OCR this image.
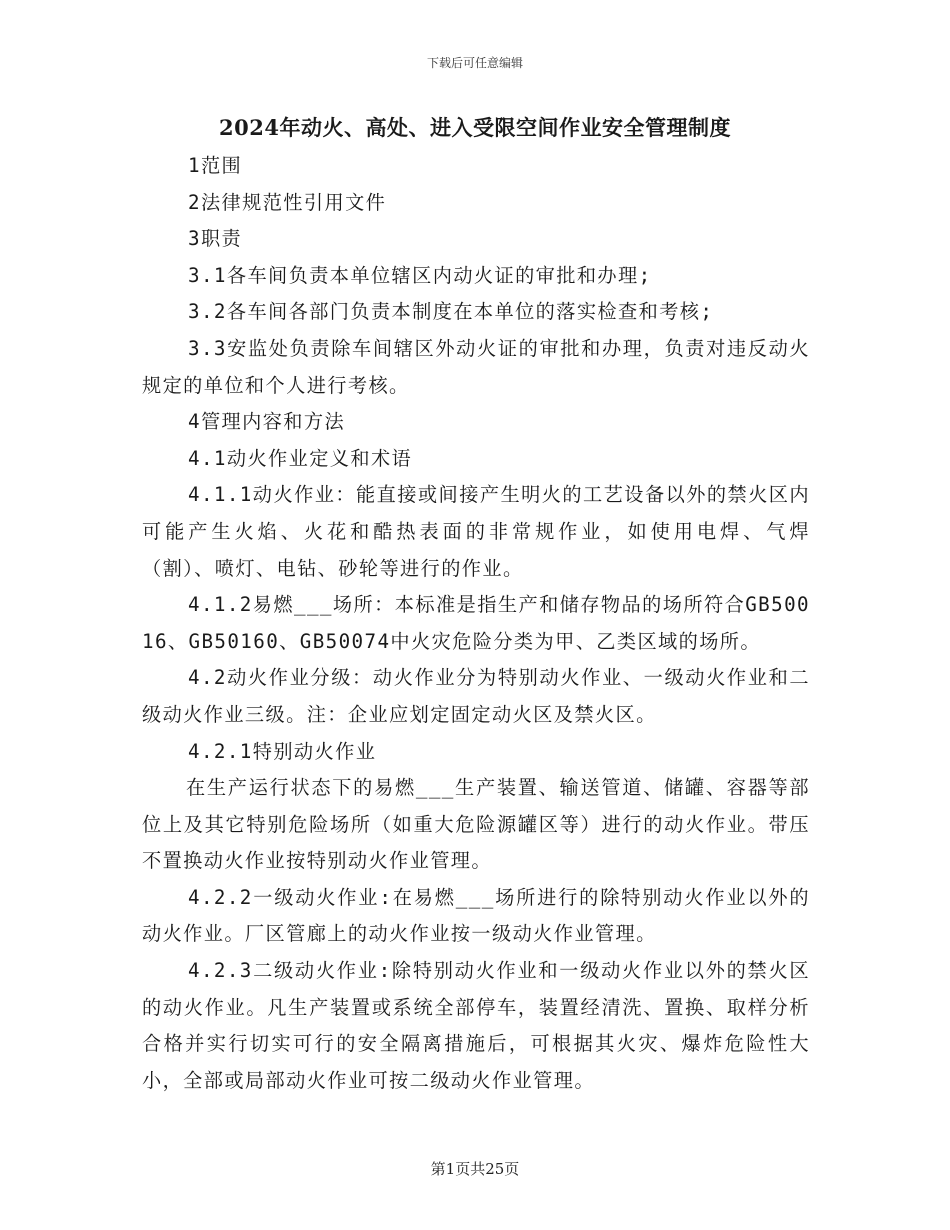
下载后可任意编辑
2024年动火、高处、进入受限空间作业安全管理制度

1范围

2法律规范性引用文件

3职责

3.1各车间负责本单位辖区内动火证的审批和办理;

3.2各车间各部门负责本制度在本单位的落实检查和考核;

3.3安监处负责除车间辖区外动火证的审批和办理，负责对违反动火规定的单位和个人进行考核。

4管理内容和方法

4.1动火作业定义和术语

4.1.1动火作业：能直接或间接产生明火的工艺设备以外的禁火区内可能产生火焰、火花和酷热表面的非常规作业，如使用电焊、气焊（割）、喷灯、电钻、砂轮等进行的作业。

4.1.2易燃___场所：本标准是指生产和储存物品的场所符合GB50016、GB50160、GB50074中火灾危险分类为甲、乙类区域的场所。

4.2动火作业分级：动火作业分为特别动火作业、一级动火作业和二级动火作业三级。注：企业应划定固定动火区及禁火区。

4.2.1特别动火作业

在生产运行状态下的易燃___生产装置、输送管道、储罐、容器等部位上及其它特别危险场所（如重大危险源罐区等）进行的动火作业。带压不置换动火作业按特别动火作业管理。

4.2.2一级动火作业:在易燃___场所进行的除特别动火作业以外的动火作业。厂区管廊上的动火作业按一级动火作业管理。

4.2.3二级动火作业:除特别动火作业和一级动火作业以外的禁火区的动火作业。凡生产装置或系统全部停车，装置经清洗、置换、取样分析合格并实行切实可行的安全隔离措施后，可根据其火灾、爆炸危险性大小，全部或局部动火作业可按二级动火作业管理。

第1页共25页
